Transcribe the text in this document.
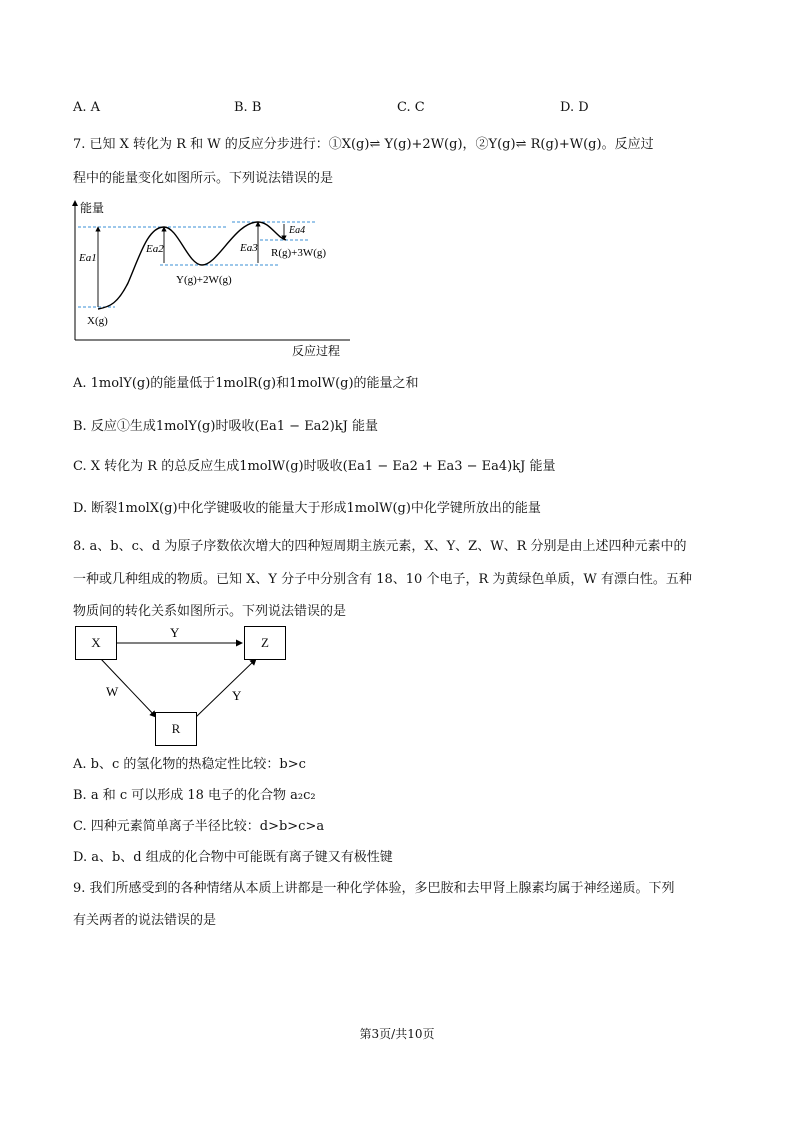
A. A	B. B	C. C	D. D
7. 已知 X 转化为 R 和 W 的反应分步进行：①X(g)⇌ Y(g)+2W(g)，②Y(g)⇌ R(g)+W(g)。反应过
程中的能量变化如图所示。下列说法错误的是
能量
反应过程
Ea1
Ea2	Ea3
Ea4
X(g)
Y(g)+2W(g)
R(g)+3W(g)
A. 1molY(g)的能量低于1molR(g)和1molW(g)的能量之和
B. 反应①生成1molY(g)时吸收(Ea1 − Ea2)kJ 能量
C. X 转化为 R 的总反应生成1molW(g)时吸收(Ea1 − Ea2 + Ea3 − Ea4)kJ 能量
D. 断裂1molX(g)中化学键吸收的能量大于形成1molW(g)中化学键所放出的能量
8. a、b、c、d 为原子序数依次增大的四种短周期主族元素，X、Y、Z、W、R 分别是由上述四种元素中的
一种或几种组成的物质。已知 X、Y 分子中分别含有 18、10 个电子，R 为黄绿色单质，W 有漂白性。五种
物质间的转化关系如图所示。下列说法错误的是
Y
W	Y
X	Z
R
A. b、c 的氢化物的热稳定性比较：b>c
B. a 和 c 可以形成 18 电子的化合物 a₂c₂
C. 四种元素简单离子半径比较：d>b>c>a
D. a、b、d 组成的化合物中可能既有离子键又有极性键
9. 我们所感受到的各种情绪从本质上讲都是一种化学体验，多巴胺和去甲肾上腺素均属于神经递质。下列
有关两者的说法错误的是
第3页/共10页
